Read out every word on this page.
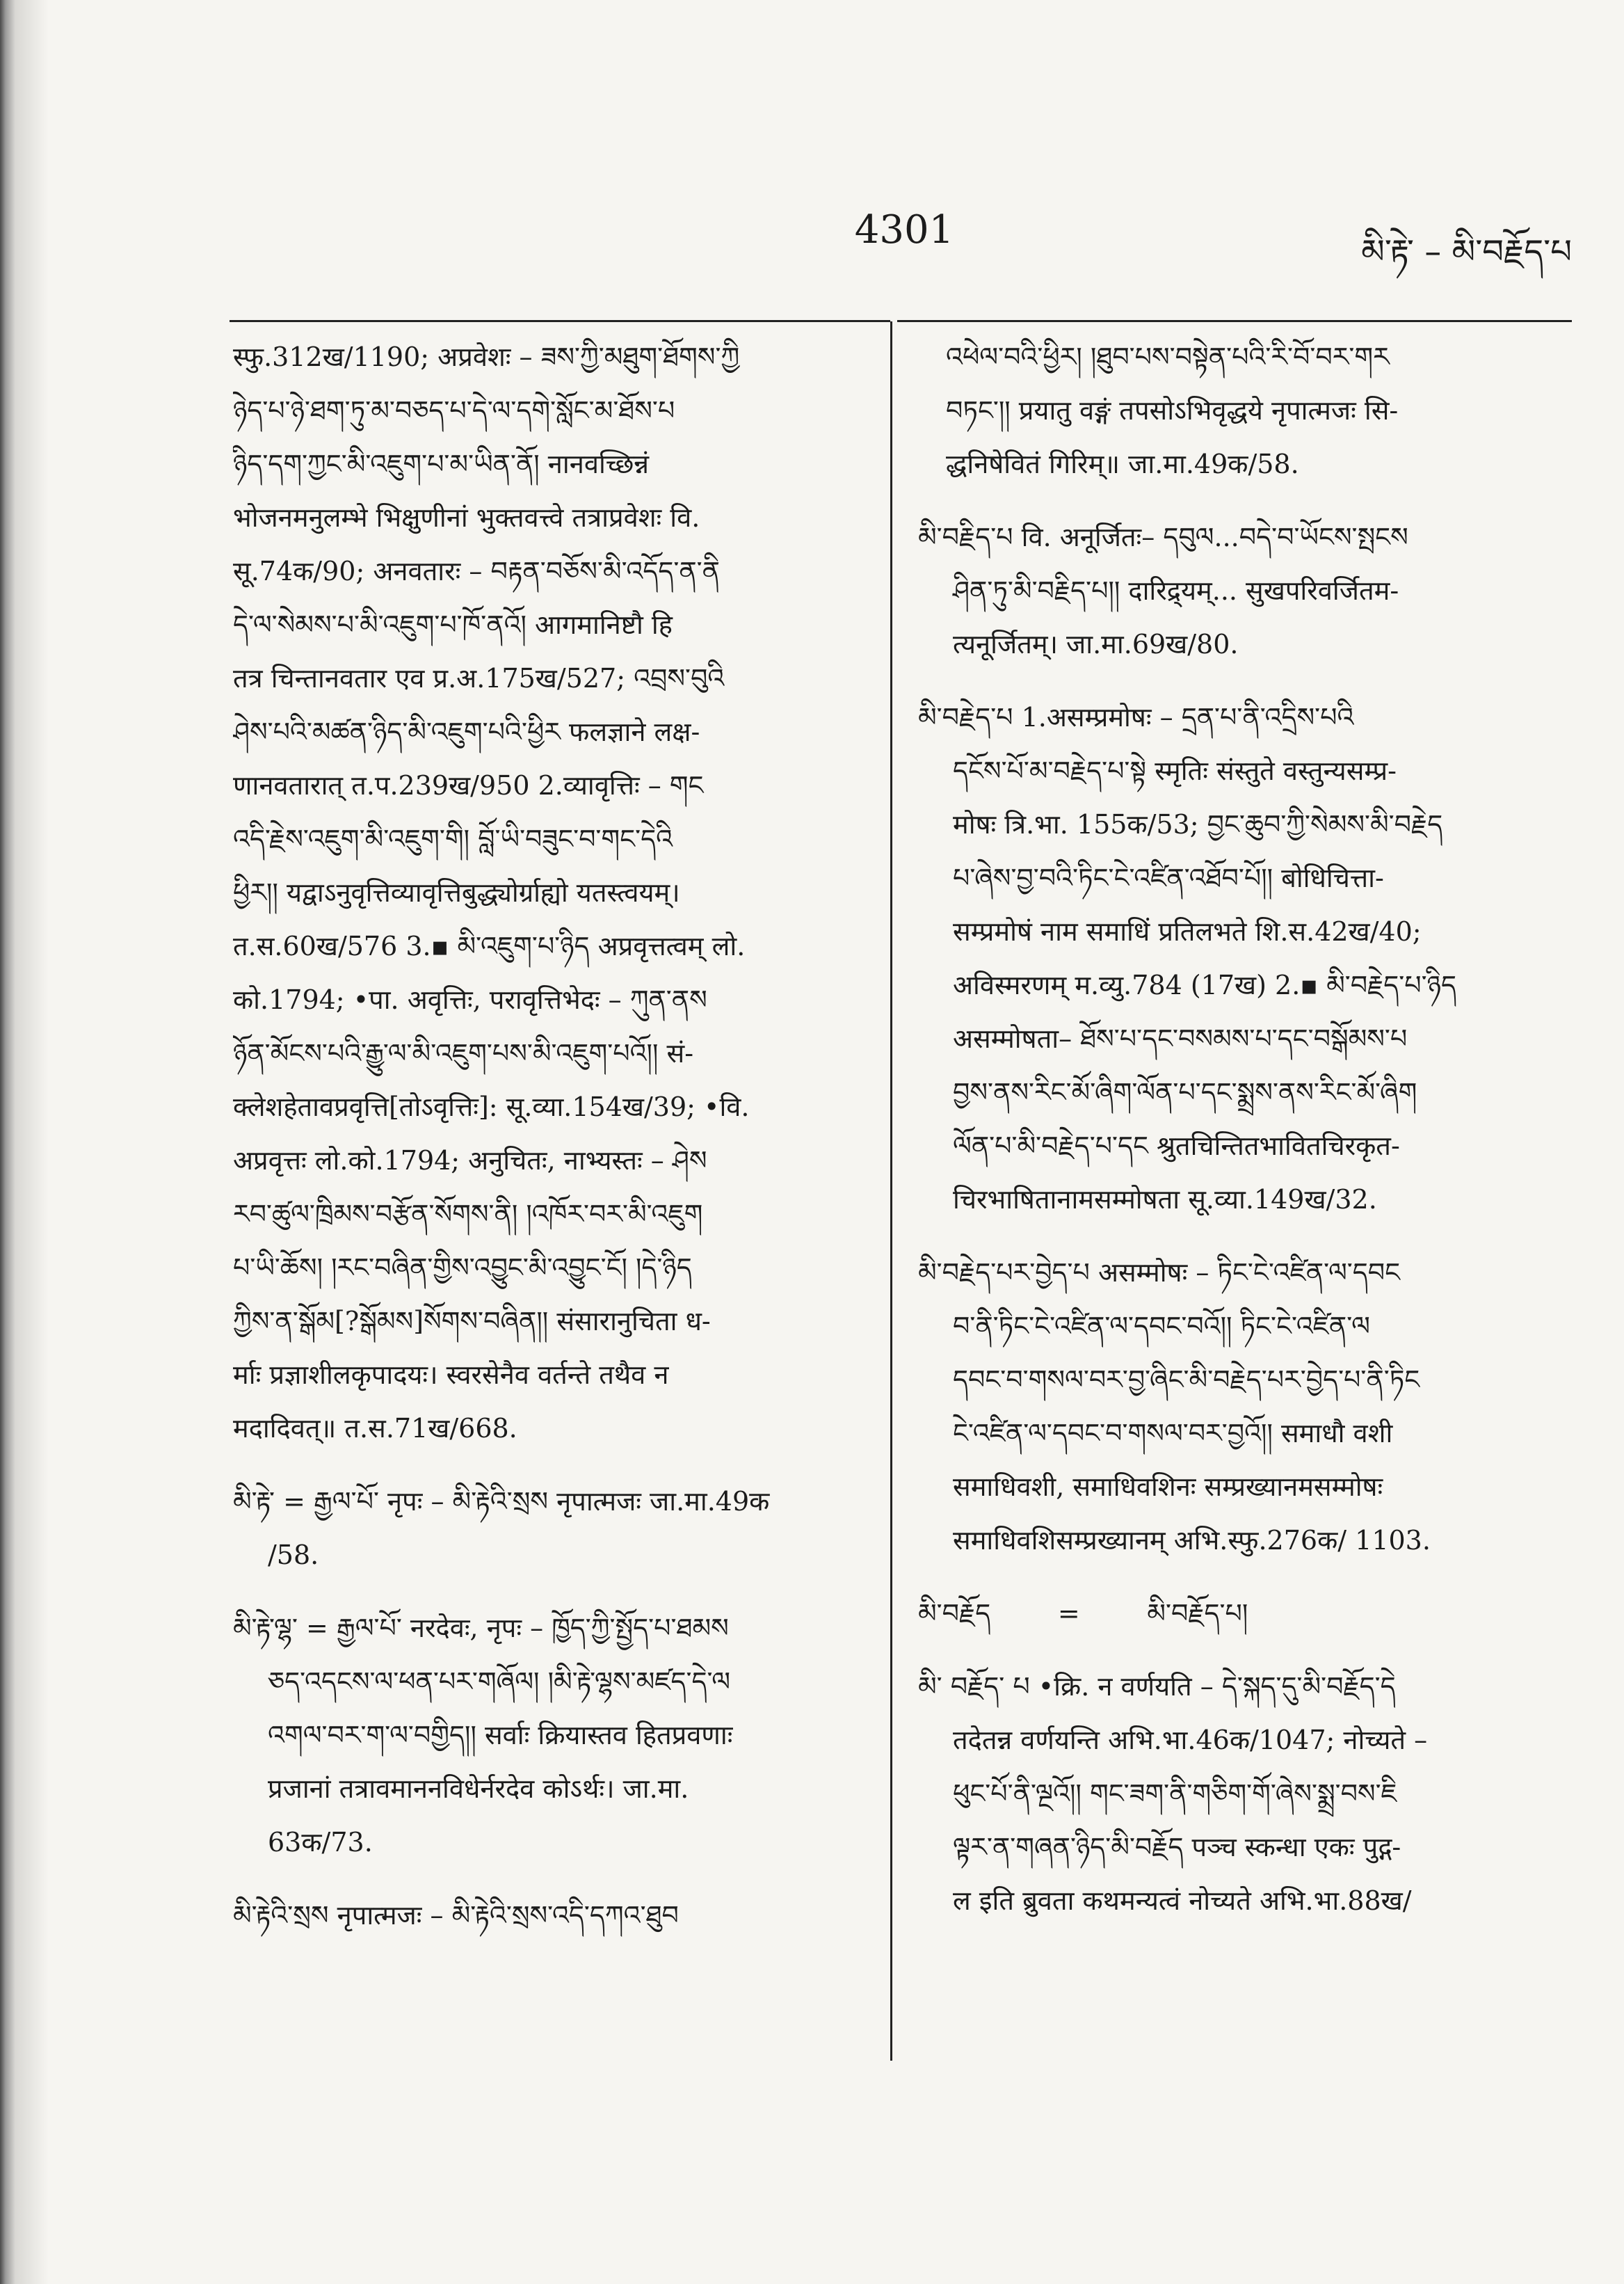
4301	མི་རྟེ་ – མི་བརྗོད་པ
स्फु.312ख/1190; अप्रवेशः – ཟས་ཀྱི་མཐུག་ཐོགས་ཀྱི
ཉེད་པ་ཉེ་ཐག་ཏུ་མ་བཅད་པ་དེ་ལ་དགེ་སློང་མ་ཐོས་པ
ཉིད་དག་ཀྱང་མི་འཇུག་པ་མ་ཡིན་ནོ། नानवच्छिन्नं
भोजनमनुलम्भे भिक्षुणीनां भुक्तवत्त्वे तत्राप्रवेशः वि.
सू.74क/90; अनवतारः – བརྟན་བཅོས་མི་འདོད་ན་ནི
དེ་ལ་སེམས་པ་མི་འཇུག་པ་ཁོ་ནའོ། आगमानिष्टौ हि
तत्र चिन्तानवतार एव प्र.अ.175ख/527; འབྲས་བུའི
ཤེས་པའི་མཚན་ཉིད་མི་འཇུག་པའི་ཕྱིར फलज्ञाने लक्ष-
णानवतारात् त.प.239ख/950 2.व्यावृत्तिः – གང
འདི་རྗེས་འཇུག་མི་འཇུག་གི། བློ་ཡི་བཟུང་བ་གང་དེའི
ཕྱིར།། यद्वाऽनुवृत्तिव्यावृत्तिबुद्ध्योर्ग्राह्यो यतस्त्वयम्।
त.स.60ख/576 3.▪ མི་འཇུག་པ་ཉིད अप्रवृत्तत्वम् लो.
को.1794; •पा. अवृत्तिः, परावृत्तिभेदः – ཀུན་ནས
ཉོན་མོངས་པའི་རྒྱུ་ལ་མི་འཇུག་པས་མི་འཇུག་པའོ།། सं-
क्लेशहेतावप्रवृत्ति[तोऽवृत्तिः]: सू.व्या.154ख/39; •वि.
अप्रवृत्तः लो.को.1794; अनुचितः, नाभ्यस्तः – ཤེས
རབ་ཚུལ་ཁྲིམས་བརྩོན་སོགས་ནི། །འཁོར་བར་མི་འཇུག
པ་ཡི་ཆོས། །རང་བཞིན་གྱིས་འབྱུང་མི་འབྱུང་ངོ། །དེ་ཉིད
ཀྱིས་ན་སྒོམ[?སྒོམས]སོགས་བཞིན།། संसारानुचिता ध-
र्माः प्रज्ञाशीलकृपादयः। स्वरसेनैव वर्तन्ते तथैव न
मदादिवत्॥ त.स.71ख/668.
མི་རྟེ་ = རྒྱལ་པོ་ नृपः – མི་རྟེའི་སྲས नृपात्मजः जा.मा.49क
/58.
མི་རྟེ་ལྷ་ = རྒྱལ་པོ་ नरदेवः, नृपः – ཁྱོད་ཀྱི་སྤྱོད་པ་ཐམས
ཅད་འདངས་ལ་ཕན་པར་གཞོལ། །མི་རྟེ་ལྷས་མཛད་དེ་ལ
འགལ་བར་ག་ལ་བགྱིད།། सर्वाः क्रियास्तव हितप्रवणाः
प्रजानां तत्रावमाननविधेर्नरदेव कोऽर्थः। जा.मा.
63क/73.
མི་རྟེའི་སྲས नृपात्मजः – མི་རྟེའི་སྲས་འདི་དཀའ་ཐུབ
འཕེལ་བའི་ཕྱིར། །ཐུབ་པས་བསྟེན་པའི་རི་བོ་བར་གར
བཏང་།། प्रयातु वङ्गं तपसोऽभिवृद्धये नृपात्मजः सि-
द्धनिषेवितं गिरिम्॥ जा.मा.49क/58.
མི་བརྗིད་པ वि. अनूर्जितः– དབུལ...བདེ་བ་ཡོངས་སྤངས
ཤིན་ཏུ་མི་བརྗིད་པ།། दारिद्र्यम्... सुखपरिवर्जितम-
त्यनूर्जितम्। जा.मा.69ख/80.
མི་བརྗེད་པ 1.असम्प्रमोषः – དྲན་པ་ནི་འདྲིས་པའི
དངོས་པོ་མ་བརྗེད་པ་སྟེ स्मृतिः संस्तुते वस्तुन्यसम्प्र-
मोषः त्रि.भा. 155क/53; བྱང་ཆུབ་ཀྱི་སེམས་མི་བརྗེད
པ་ཞེས་བྱ་བའི་ཏིང་ངེ་འཛིན་འཐོབ་པོ།། बोधिचित्ता-
सम्प्रमोषं नाम समाधिं प्रतिलभते शि.स.42ख/40;
अविस्मरणम् म.व्यु.784 (17ख) 2.▪ མི་བརྗེད་པ་ཉིད
असम्मोषता– ཐོས་པ་དང་བསམས་པ་དང་བསྒོམས་པ
བྱས་ནས་རིང་མོ་ཞིག་ལོན་པ་དང་སྨྲས་ནས་རིང་མོ་ཞིག
ལོན་པ་མི་བརྗེད་པ་དང श्रुतचिन्तितभावितचिरकृत-
चिरभाषितानामसम्मोषता सू.व्या.149ख/32.
མི་བརྗེད་པར་བྱེད་པ असम्मोषः – ཏིང་ངེ་འཛིན་ལ་དབང
བ་ནི་ཏིང་ངེ་འཛིན་ལ་དབང་བའོ།། ཏིང་ངེ་འཛིན་ལ
དབང་བ་གསལ་བར་བྱ་ཞིང་མི་བརྗེད་པར་བྱེད་པ་ནི་ཏིང
ངེ་འཛིན་ལ་དབང་བ་གསལ་བར་བྱའོ།། समाधौ वशी
समाधिवशी, समाधिवशिनः सम्प्रख्यानमसम्मोषः
समाधिवशिसम्प्रख्यानम् अभि.स्फु.276क/ 1103.
མི་བརྗོད        =        མི་བརྗོད་པ།
མི་ བརྗོད་ པ •क्रि. न वर्णयति – དེ་སྐད་དུ་མི་བརྗོད་དེ
तदेतन्न वर्णयन्ति अभि.भा.46क/1047; नोच्यते –
ཕུང་པོ་ནི་ལྔའོ།། གང་ཟག་ནི་གཅིག་གོ་ཞེས་སྨྲ་བས་ཇི
ལྟར་ན་གཞན་ཉིད་མི་བརྗོད पञ्च स्कन्धा एकः पुद्ग-
ल इति ब्रुवता कथमन्यत्वं नोच्यते अभि.भा.88ख/
